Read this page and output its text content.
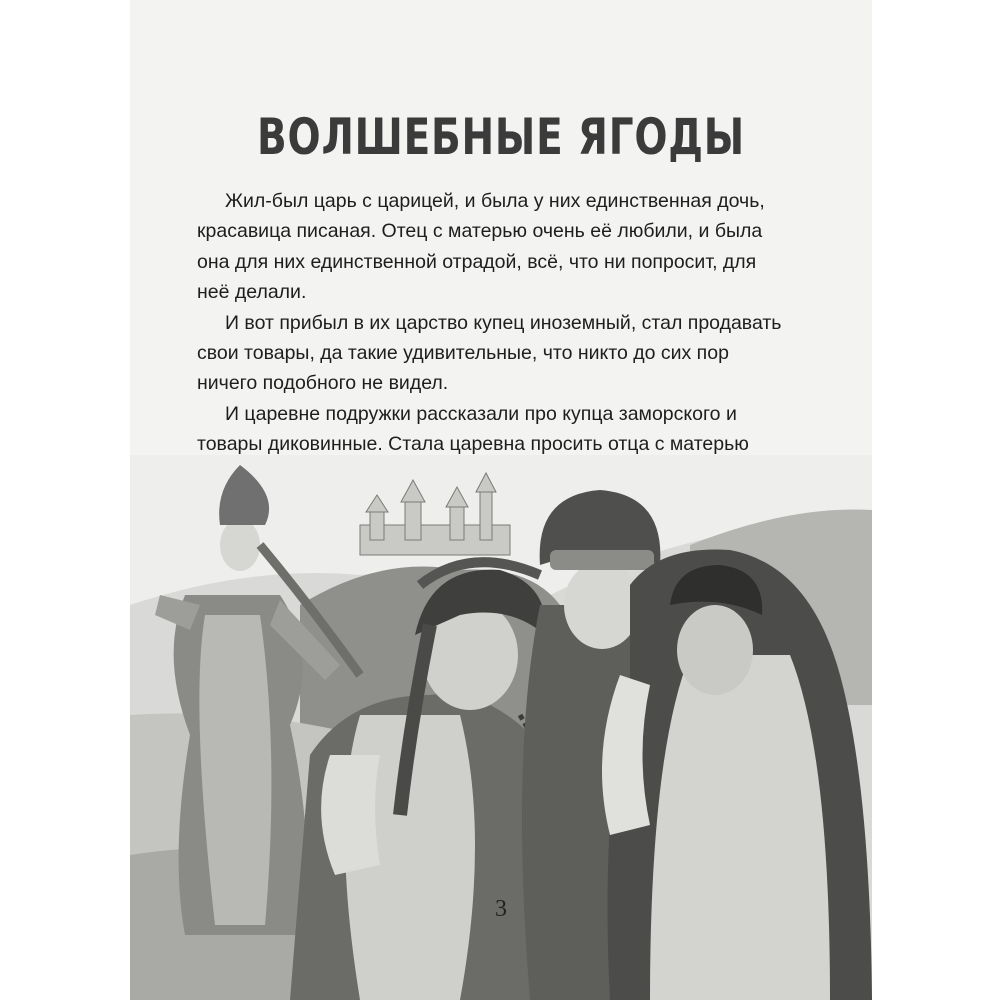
ВОЛШЕБНЫЕ ЯГОДЫ

Жил-был царь с царицей, и была у них единственная дочь, красавица писаная. Отец с матерью очень её любили, и была она для них единственной отрадой, всё, что ни попросит, для неё делали.

И вот прибыл в их царство купец иноземный, стал продавать свои товары, да такие удивительные, что никто до сих пор ничего подобного не видел.

И царевне подружки рассказали про купца заморского и товары диковинные. Стала царевна просить отца с матерью

3
